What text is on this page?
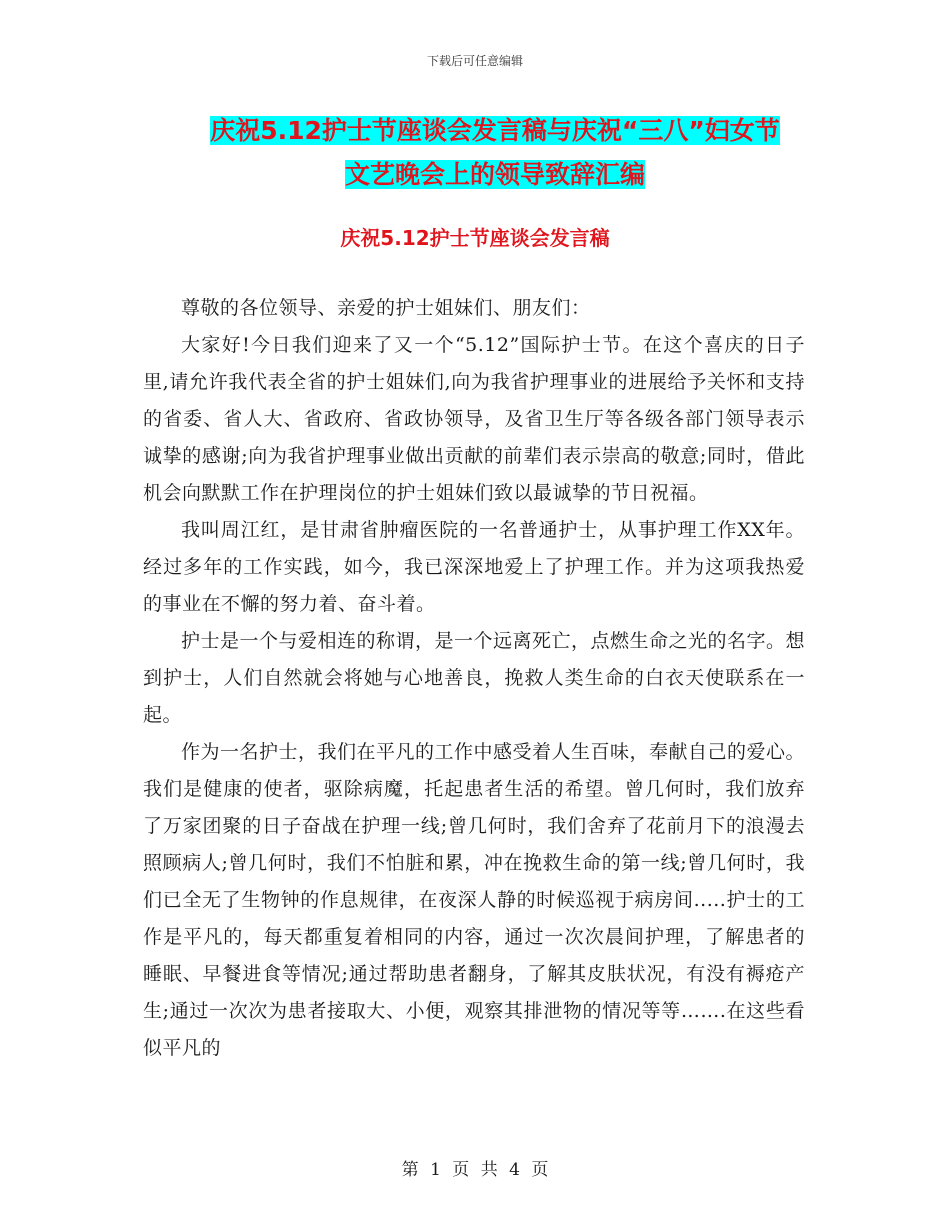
下载后可任意编辑
庆祝5.12护士节座谈会发言稿与庆祝“三八”妇女节
文艺晚会上的领导致辞汇编
庆祝5.12护士节座谈会发言稿

尊敬的各位领导、亲爱的护士姐妹们、朋友们：

大家好!今日我们迎来了又一个“5.12”国际护士节。在这个喜庆的日子里,请允许我代表全省的护士姐妹们,向为我省护理事业的进展给予关怀和支持的省委、省人大、省政府、省政协领导，及省卫生厅等各级各部门领导表示诚挚的感谢;向为我省护理事业做出贡献的前辈们表示崇高的敬意;同时，借此机会向默默工作在护理岗位的护士姐妹们致以最诚挚的节日祝福。

我叫周江红，是甘肃省肿瘤医院的一名普通护士，从事护理工作XX年。经过多年的工作实践，如今，我已深深地爱上了护理工作。并为这项我热爱的事业在不懈的努力着、奋斗着。

护士是一个与爱相连的称谓，是一个远离死亡，点燃生命之光的名字。想到护士，人们自然就会将她与心地善良，挽救人类生命的白衣天使联系在一起。

作为一名护士，我们在平凡的工作中感受着人生百味，奉献自己的爱心。我们是健康的使者，驱除病魔，托起患者生活的希望。曾几何时，我们放弃了万家团聚的日子奋战在护理一线;曾几何时，我们舍弃了花前月下的浪漫去照顾病人;曾几何时，我们不怕脏和累，冲在挽救生命的第一线;曾几何时，我们已全无了生物钟的作息规律，在夜深人静的时候巡视于病房间.....护士的工作是平凡的，每天都重复着相同的内容，通过一次次晨间护理，了解患者的睡眠、早餐进食等情况;通过帮助患者翻身，了解其皮肤状况，有没有褥疮产生;通过一次次为患者接取大、小便，观察其排泄物的情况等等…….在这些看似平凡的

第 1 页 共 4 页
